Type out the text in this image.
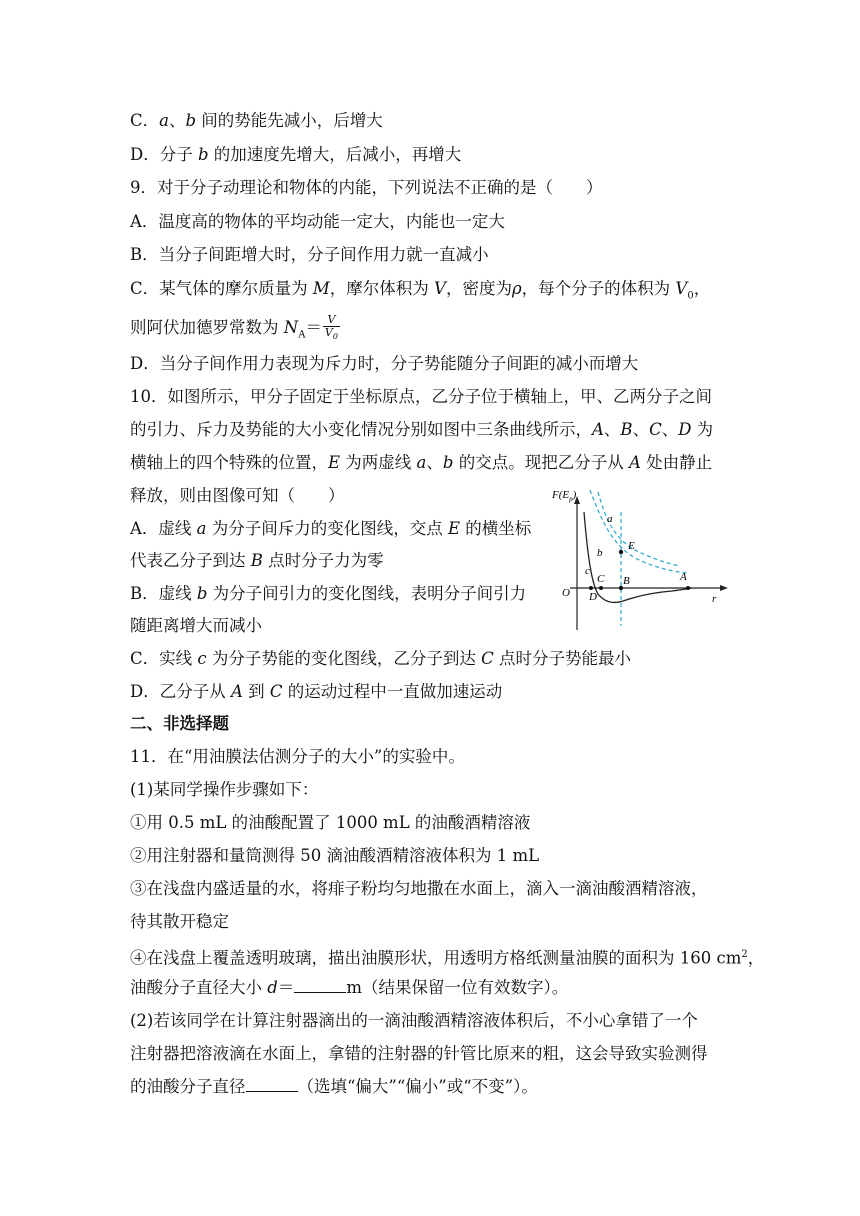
C．a、b 间的势能先减小，后增大
D．分子 b 的加速度先增大，后减小，再增大
9．对于分子动理论和物体的内能，下列说法不正确的是（　　）
A．温度高的物体的平均动能一定大，内能也一定大
B．当分子间距增大时，分子间作用力就一直减小
C．某气体的摩尔质量为 M，摩尔体积为 V，密度为ρ，每个分子的体积为 $V_0$，
则阿伏加德罗常数为 $N_A= \frac{V}{V_0}$
D．当分子间作用力表现为斥力时，分子势能随分子间距的减小而增大
10．如图所示，甲分子固定于坐标原点，乙分子位于横轴上，甲、乙两分子之间
的引力、斥力及势能的大小变化情况分别如图中三条曲线所示，A、B、C、D 为
横轴上的四个特殊的位置，E 为两虚线 a、b 的交点。现把乙分子从 A 处由静止
释放，则由图像可知（　　）
A．虚线 a 为分子间斥力的变化图线，交点 E 的横坐标
代表乙分子到达 B 点时分子力为零
B．虚线 b 为分子间引力的变化图线，表明分子间引力
随距离增大而减小
C．实线 c 为分子势能的变化图线，乙分子到达 C 点时分子势能最小
D．乙分子从 A 到 C 的运动过程中一直做加速运动
$F(E_p)$
r
O
a
b
c
E
A
B
C
D
二、非选择题
11．在“用油膜法估测分子的大小”的实验中。
(1)某同学操作步骤如下：
①用 0.5 mL 的油酸配置了 1000 mL 的油酸酒精溶液
②用注射器和量筒测得 50 滴油酸酒精溶液体积为 1 mL
③在浅盘内盛适量的水，将痱子粉均匀地撒在水面上，滴入一滴油酸酒精溶液，
待其散开稳定
④在浅盘上覆盖透明玻璃，描出油膜形状，用透明方格纸测量油膜的面积为 160 $cm^2$，
油酸分子直径大小 d＝	m（结果保留一位有效数字）。
(2)若该同学在计算注射器滴出的一滴油酸酒精溶液体积后，不小心拿错了一个
注射器把溶液滴在水面上，拿错的注射器的针管比原来的粗，这会导致实验测得
的油酸分子直径	（选填“偏大”“偏小”或“不变”）。
